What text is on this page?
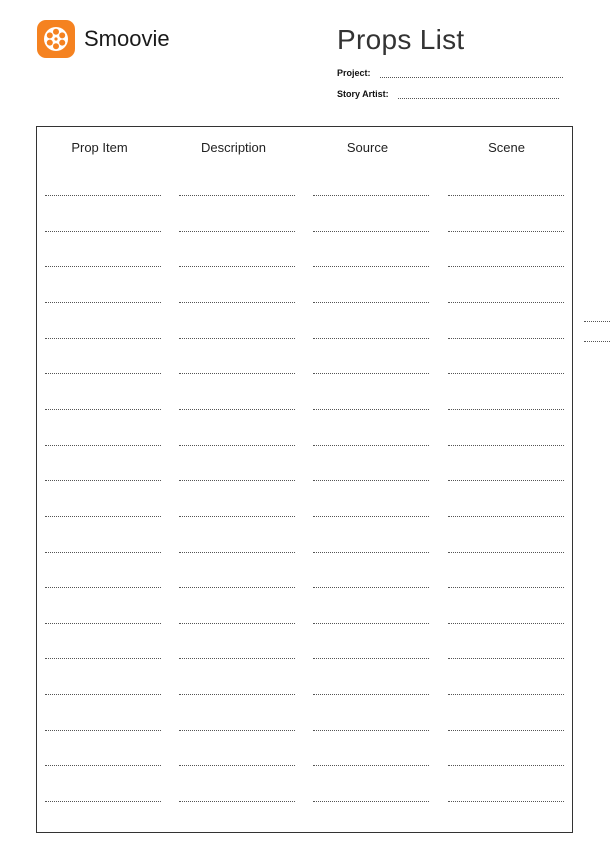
Smoovie	Props List
Project:
Story Artist:
Prop Item	Description	Source	Scene
